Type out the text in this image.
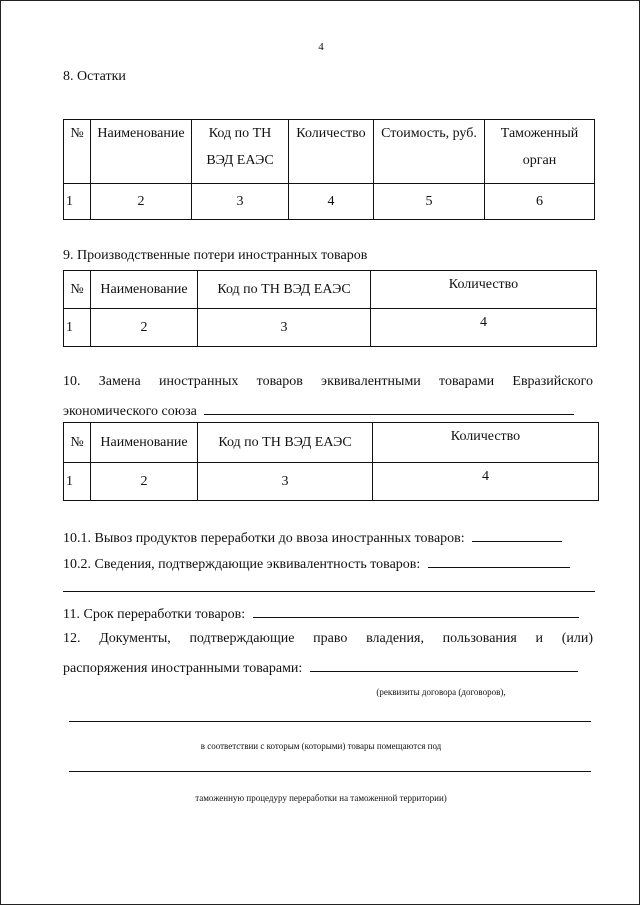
4
8. Остатки
№	Наименование	Код по ТН ВЭД ЕАЭС	Количество	Стоимость, руб.	Таможенный орган
1	2	3	4	5	6
9. Производственные потери иностранных товаров
№	Наименование	Код по ТН ВЭД ЕАЭС	Количество
1	2	3	4
10. Замена иностранных товаров эквивалентными товарами Евразийского
экономического союза
№	Наименование	Код по ТН ВЭД ЕАЭС	Количество
1	2	3	4
10.1. Вывоз продуктов переработки до ввоза иностранных товаров:
10.2. Сведения, подтверждающие эквивалентность товаров:
11. Срок переработки товаров:
12. Документы, подтверждающие право владения, пользования и (или)
распоряжения иностранными товарами:
(реквизиты договора (договоров),
в соответствии с которым (которыми) товары помещаются под
таможенную процедуру переработки на таможенной территории)
